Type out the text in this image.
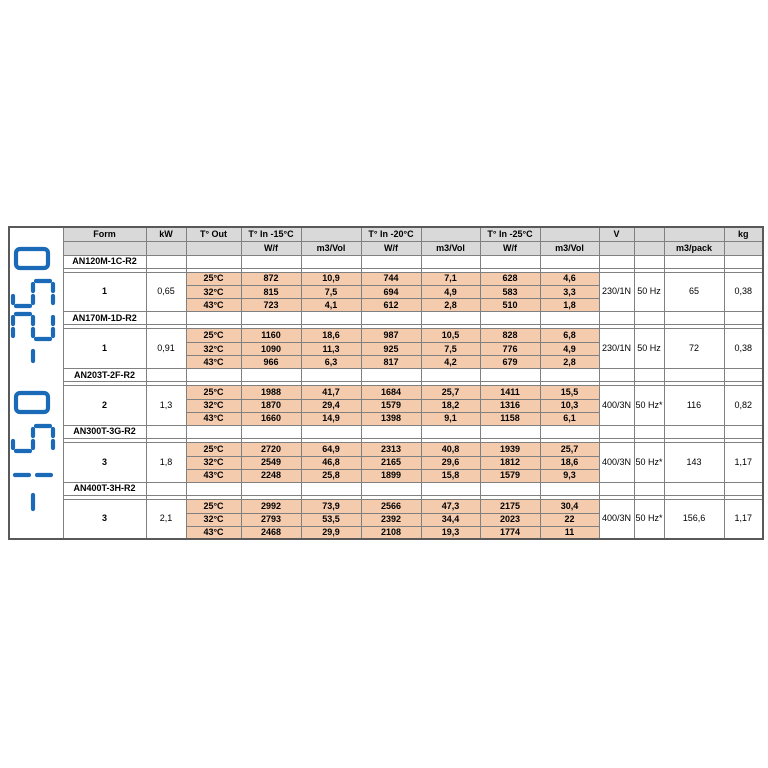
	Form	kW	T° Out	T° In -15°C		T° In -20°C		T° In -25°C		V			kg
				W/f	m3/Vol	W/f	m3/Vol	W/f	m3/Vol			m3/pack	
	AN120M-1C-R2												

	1	0,65	25°C	872	10,9	744	7,1	628	4,6	230/1N	50 Hz	65	0,38
			32°C	815	7,5	694	4,9	583	3,3				
			43°C	723	4,1	612	2,8	510	1,8				
	AN170M-1D-R2												

	1	0,91	25°C	1160	18,6	987	10,5	828	6,8	230/1N	50 Hz	72	0,38
			32°C	1090	11,3	925	7,5	776	4,9				
			43°C	966	6,3	817	4,2	679	2,8				
	AN203T-2F-R2												

	2	1,3	25°C	1988	41,7	1684	25,7	1411	15,5	400/3N	50 Hz*	116	0,82
			32°C	1870	29,4	1579	18,2	1316	10,3				
			43°C	1660	14,9	1398	9,1	1158	6,1				
	AN300T-3G-R2												

	3	1,8	25°C	2720	64,9	2313	40,8	1939	25,7	400/3N	50 Hz*	143	1,17
			32°C	2549	46,8	2165	29,6	1812	18,6				
			43°C	2248	25,8	1899	15,8	1579	9,3				
	AN400T-3H-R2												

	3	2,1	25°C	2992	73,9	2566	47,3	2175	30,4	400/3N	50 Hz*	156,6	1,17
			32°C	2793	53,5	2392	34,4	2023	22				
			43°C	2468	29,9	2108	19,3	1774	11				
